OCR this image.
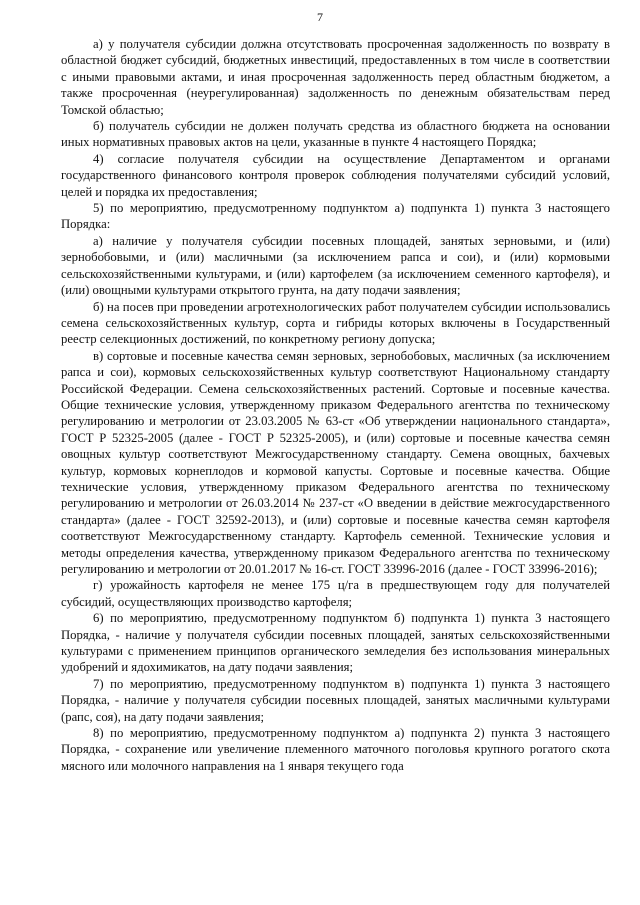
7

а) у получателя субсидии должна отсутствовать просроченная задолженность по возврату в областной бюджет субсидий, бюджетных инвестиций, предоставленных в том числе в соответствии с иными правовыми актами, и иная просроченная задолженность перед областным бюджетом, а также просроченная (неурегулированная) задолженность по денежным обязательствам перед Томской областью;

б) получатель субсидии не должен получать средства из областного бюджета на основании иных нормативных правовых актов на цели, указанные в пункте 4 настоящего Порядка;

4) согласие получателя субсидии на осуществление Департаментом и органами государственного финансового контроля проверок соблюдения получателями субсидий условий, целей и порядка их предоставления;

5) по мероприятию, предусмотренному подпунктом а) подпункта 1) пункта 3 настоящего Порядка:

а) наличие у получателя субсидии посевных площадей, занятых зерновыми, и (или) зернобобовыми, и (или) масличными (за исключением рапса и сои), и (или) кормовыми сельскохозяйственными культурами, и (или) картофелем (за исключением семенного картофеля), и (или) овощными культурами открытого грунта, на дату подачи заявления;

б) на посев при проведении агротехнологических работ получателем субсидии использовались семена сельскохозяйственных культур, сорта и гибриды которых включены в Государственный реестр селекционных достижений, по конкретному региону допуска;

в) сортовые и посевные качества семян зерновых, зернобобовых, масличных (за исключением рапса и сои), кормовых сельскохозяйственных культур соответствуют Национальному стандарту Российской Федерации. Семена сельскохозяйственных растений. Сортовые и посевные качества. Общие технические условия, утвержденному приказом Федерального агентства по техническому регулированию и метрологии от 23.03.2005 № 63-ст «Об утверждении национального стандарта», ГОСТ Р 52325-2005 (далее - ГОСТ Р 52325-2005), и (или) сортовые и посевные качества семян овощных культур соответствуют Межгосударственному стандарту. Семена овощных, бахчевых культур, кормовых корнеплодов и кормовой капусты. Сортовые и посевные качества. Общие технические условия, утвержденному приказом Федерального агентства по техническому регулированию и метрологии от 26.03.2014 № 237-ст «О введении в действие межгосударственного стандарта» (далее - ГОСТ 32592-2013), и (или) сортовые и посевные качества семян картофеля соответствуют Межгосударственному стандарту. Картофель семенной. Технические условия и методы определения качества, утвержденному приказом Федерального агентства по техническому регулированию и метрологии от 20.01.2017 № 16-ст. ГОСТ 33996-2016 (далее - ГОСТ 33996-2016);

г) урожайность картофеля не менее 175 ц/га в предшествующем году для получателей субсидий, осуществляющих производство картофеля;

6) по мероприятию, предусмотренному подпунктом б) подпункта 1) пункта 3 настоящего Порядка, - наличие у получателя субсидии посевных площадей, занятых сельскохозяйственными культурами с применением принципов органического земледелия без использования минеральных удобрений и ядохимикатов, на дату подачи заявления;

7) по мероприятию, предусмотренному подпунктом в) подпункта 1) пункта 3 настоящего Порядка, - наличие у получателя субсидии посевных площадей, занятых масличными культурами (рапс, соя), на дату подачи заявления;

8) по мероприятию, предусмотренному подпунктом а) подпункта 2) пункта 3 настоящего Порядка, - сохранение или увеличение племенного маточного поголовья крупного рогатого скота мясного или молочного направления на 1 января текущего года
